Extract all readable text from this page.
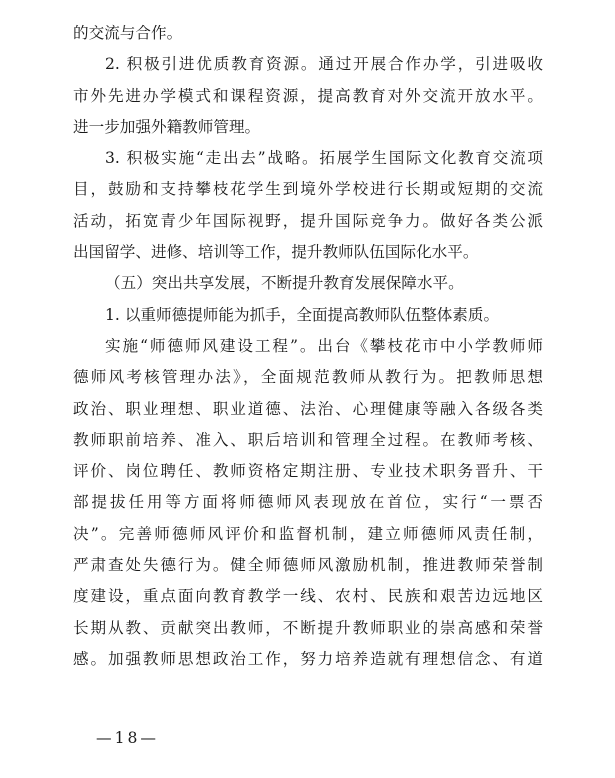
的交流与合作。
2. 积极引进优质教育资源。通过开展合作办学，引进吸收
市外先进办学模式和课程资源，提高教育对外交流开放水平。
进一步加强外籍教师管理。
3. 积极实施“走出去”战略。拓展学生国际文化教育交流项
目，鼓励和支持攀枝花学生到境外学校进行长期或短期的交流
活动，拓宽青少年国际视野，提升国际竞争力。做好各类公派
出国留学、进修、培训等工作，提升教师队伍国际化水平。
（五）突出共享发展，不断提升教育发展保障水平。
1. 以重师德提师能为抓手，全面提高教师队伍整体素质。
实施“师德师风建设工程”。出台《攀枝花市中小学教师师
德师风考核管理办法》，全面规范教师从教行为。把教师思想
政治、职业理想、职业道德、法治、心理健康等融入各级各类
教师职前培养、准入、职后培训和管理全过程。在教师考核、
评价、岗位聘任、教师资格定期注册、专业技术职务晋升、干
部提拔任用等方面将师德师风表现放在首位，实行“一票否
决”。完善师德师风评价和监督机制，建立师德师风责任制，
严肃查处失德行为。健全师德师风激励机制，推进教师荣誉制
度建设，重点面向教育教学一线、农村、民族和艰苦边远地区
长期从教、贡献突出教师，不断提升教师职业的崇高感和荣誉
感。加强教师思想政治工作，努力培养造就有理想信念、有道
—18—
